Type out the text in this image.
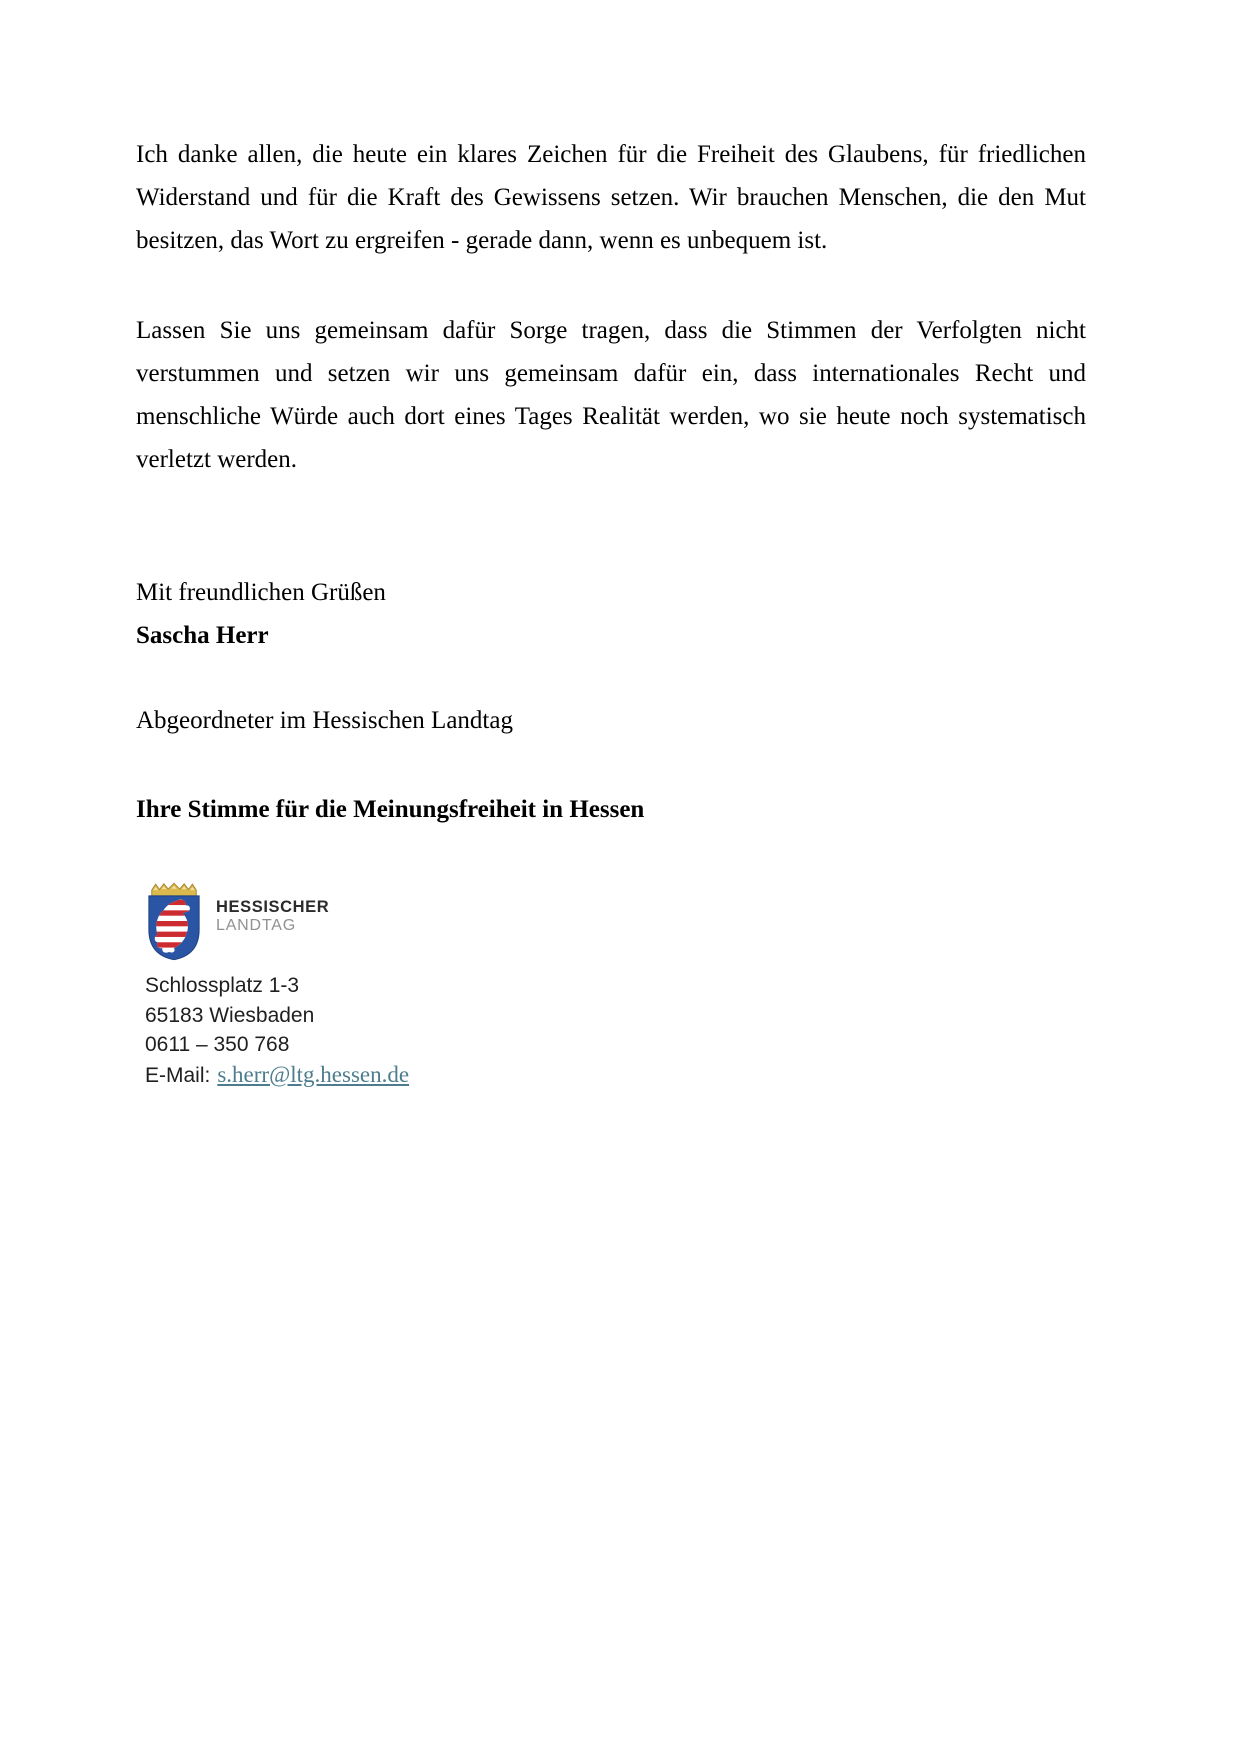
Ich danke allen, die heute ein klares Zeichen für die Freiheit des Glaubens, für friedlichen Widerstand und für die Kraft des Gewissens setzen. Wir brauchen Menschen, die den Mut besitzen, das Wort zu ergreifen - gerade dann, wenn es unbequem ist.

Lassen Sie uns gemeinsam dafür Sorge tragen, dass die Stimmen der Verfolgten nicht verstummen und setzen wir uns gemeinsam dafür ein, dass internationales Recht und menschliche Würde auch dort eines Tages Realität werden, wo sie heute noch systematisch verletzt werden.

Mit freundlichen Grüßen

Sascha Herr

Abgeordneter im Hessischen Landtag

Ihre Stimme für die Meinungsfreiheit in Hessen

HESSISCHER
LANDTAG

Schlossplatz 1-3

65183 Wiesbaden

0611 – 350 768

E-Mail: s.herr@ltg.hessen.de
